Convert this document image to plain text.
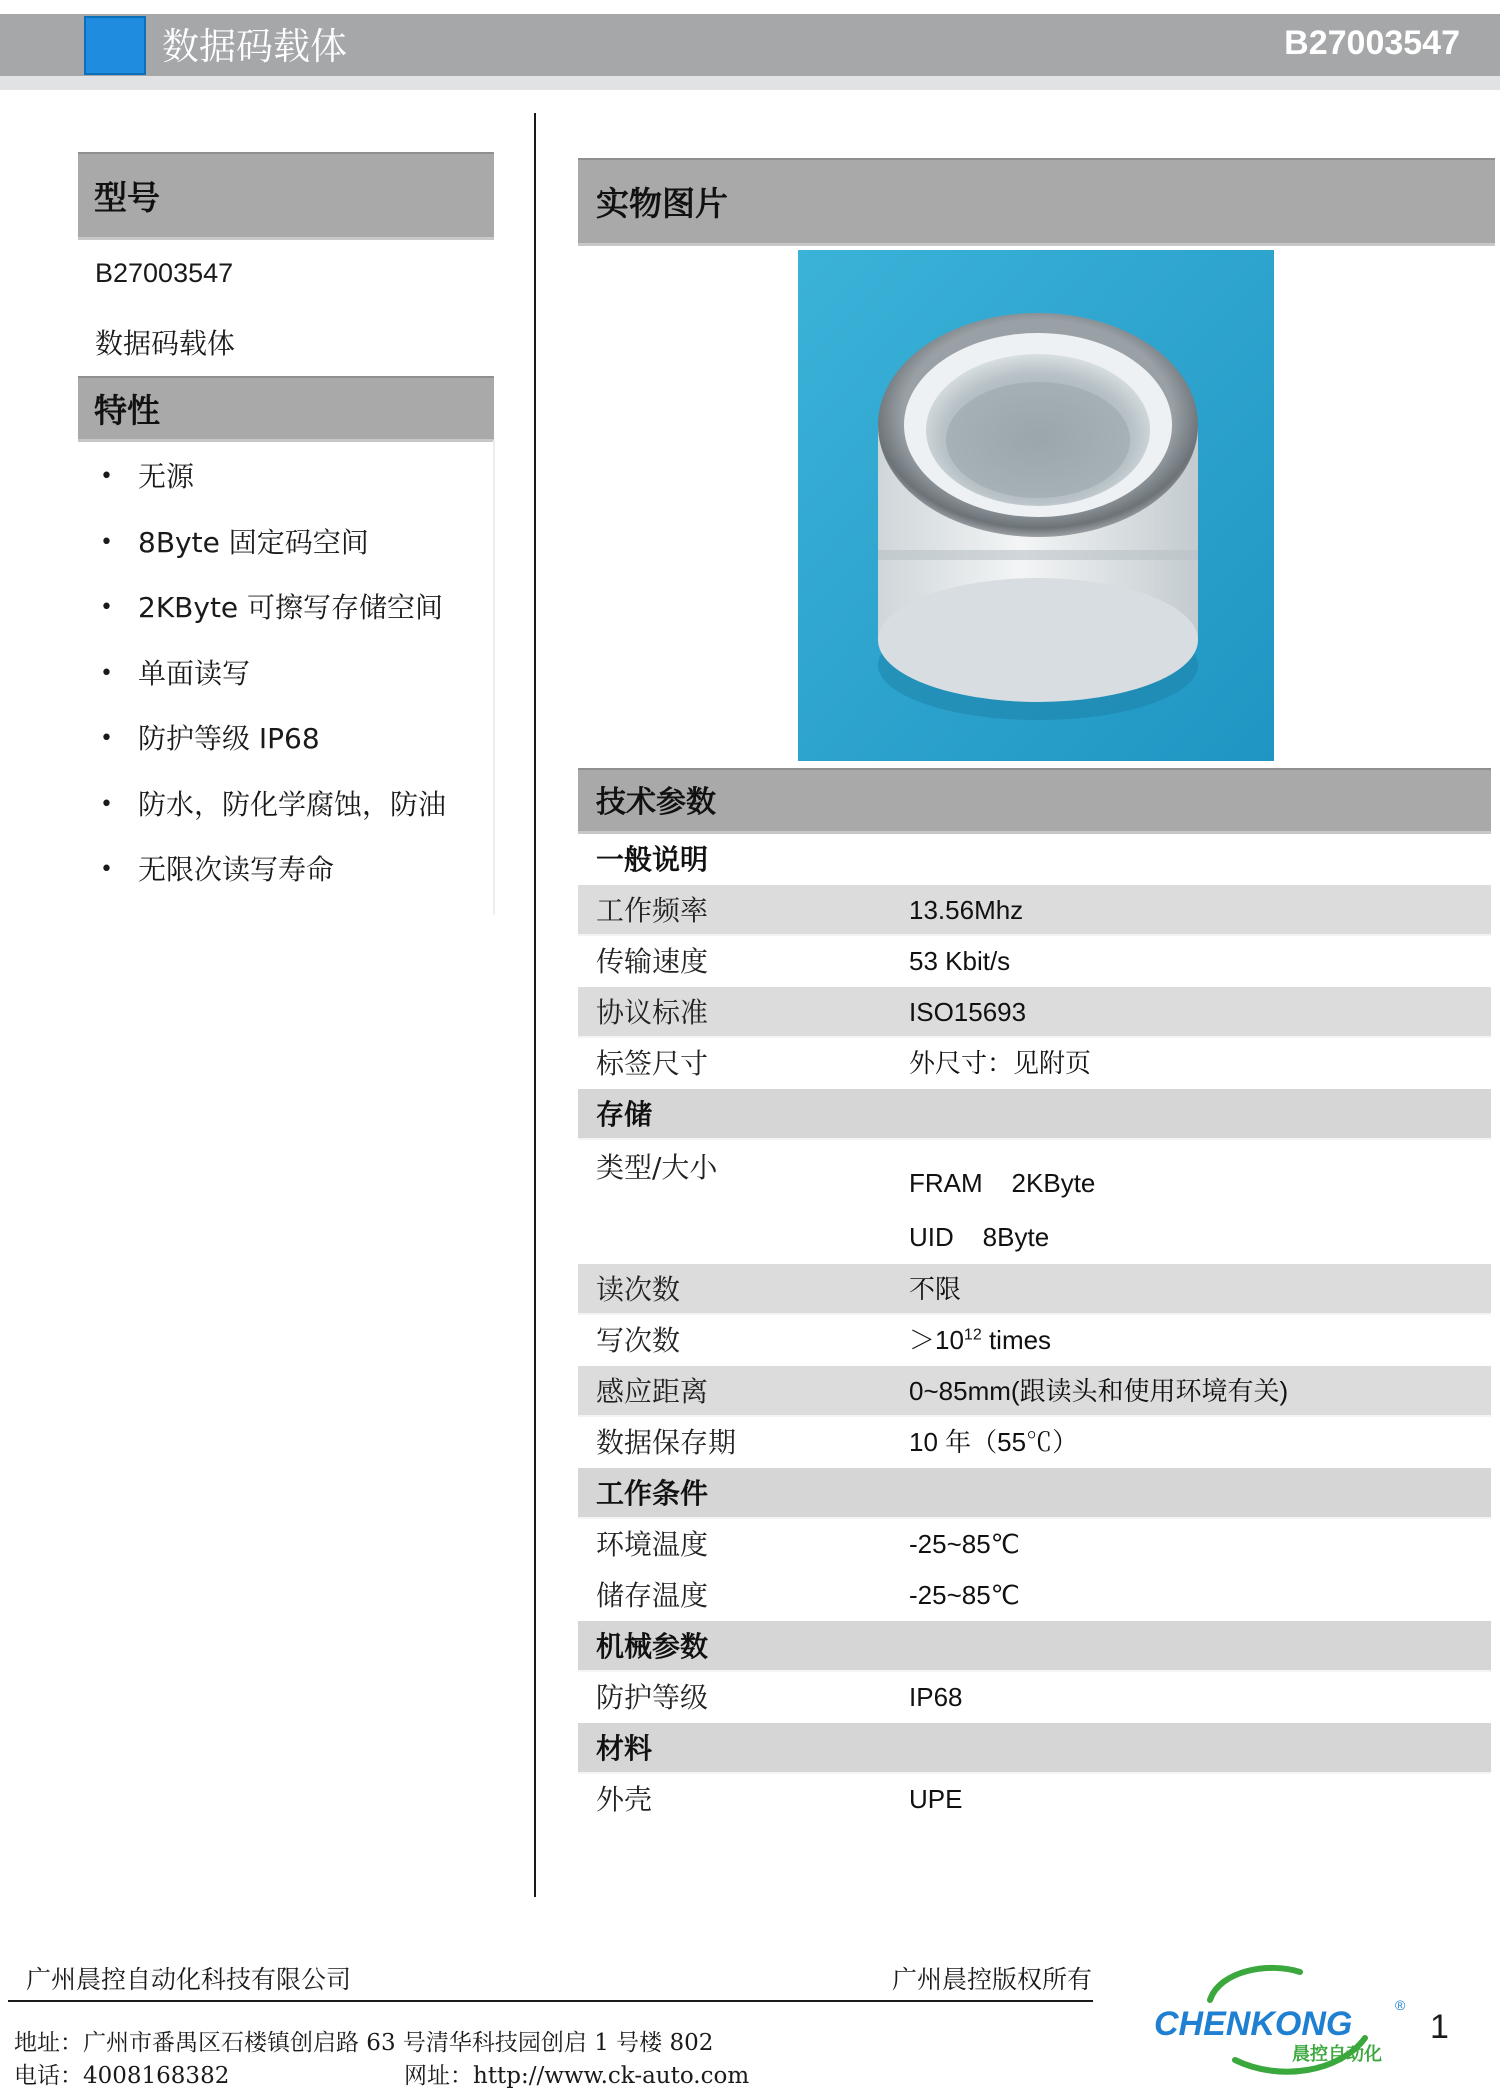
数据码载体	B27003547
型号
B27003547
数据码载体
特性
• 无源
• 8Byte 固定码空间
• 2KByte 可擦写存储空间
• 单面读写
• 防护等级 IP68
• 防水，防化学腐蚀，防油
• 无限次读写寿命
实物图片
技术参数
一般说明
工作频率	13.56Mhz
传输速度	53 Kbit/s
协议标准	ISO15693
标签尺寸	外尺寸：见附页
存储
类型/大小	FRAM    2KByte
UID    8Byte
读次数	不限
写次数	$>10^{12}$ times
感应距离	0~85mm(跟读头和使用环境有关)
数据保存期	10 年（55℃）
工作条件
环境温度	-25~85℃
储存温度	-25~85℃
机械参数
防护等级	IP68
材料
外壳	UPE
广州晨控自动化科技有限公司	广州晨控版权所有
地址：广州市番禺区石楼镇创启路 63 号清华科技园创启 1 号楼 802
电话：4008168382	网址：http://www.ck-auto.com
CHENKONG	®
晨控自动化
1
